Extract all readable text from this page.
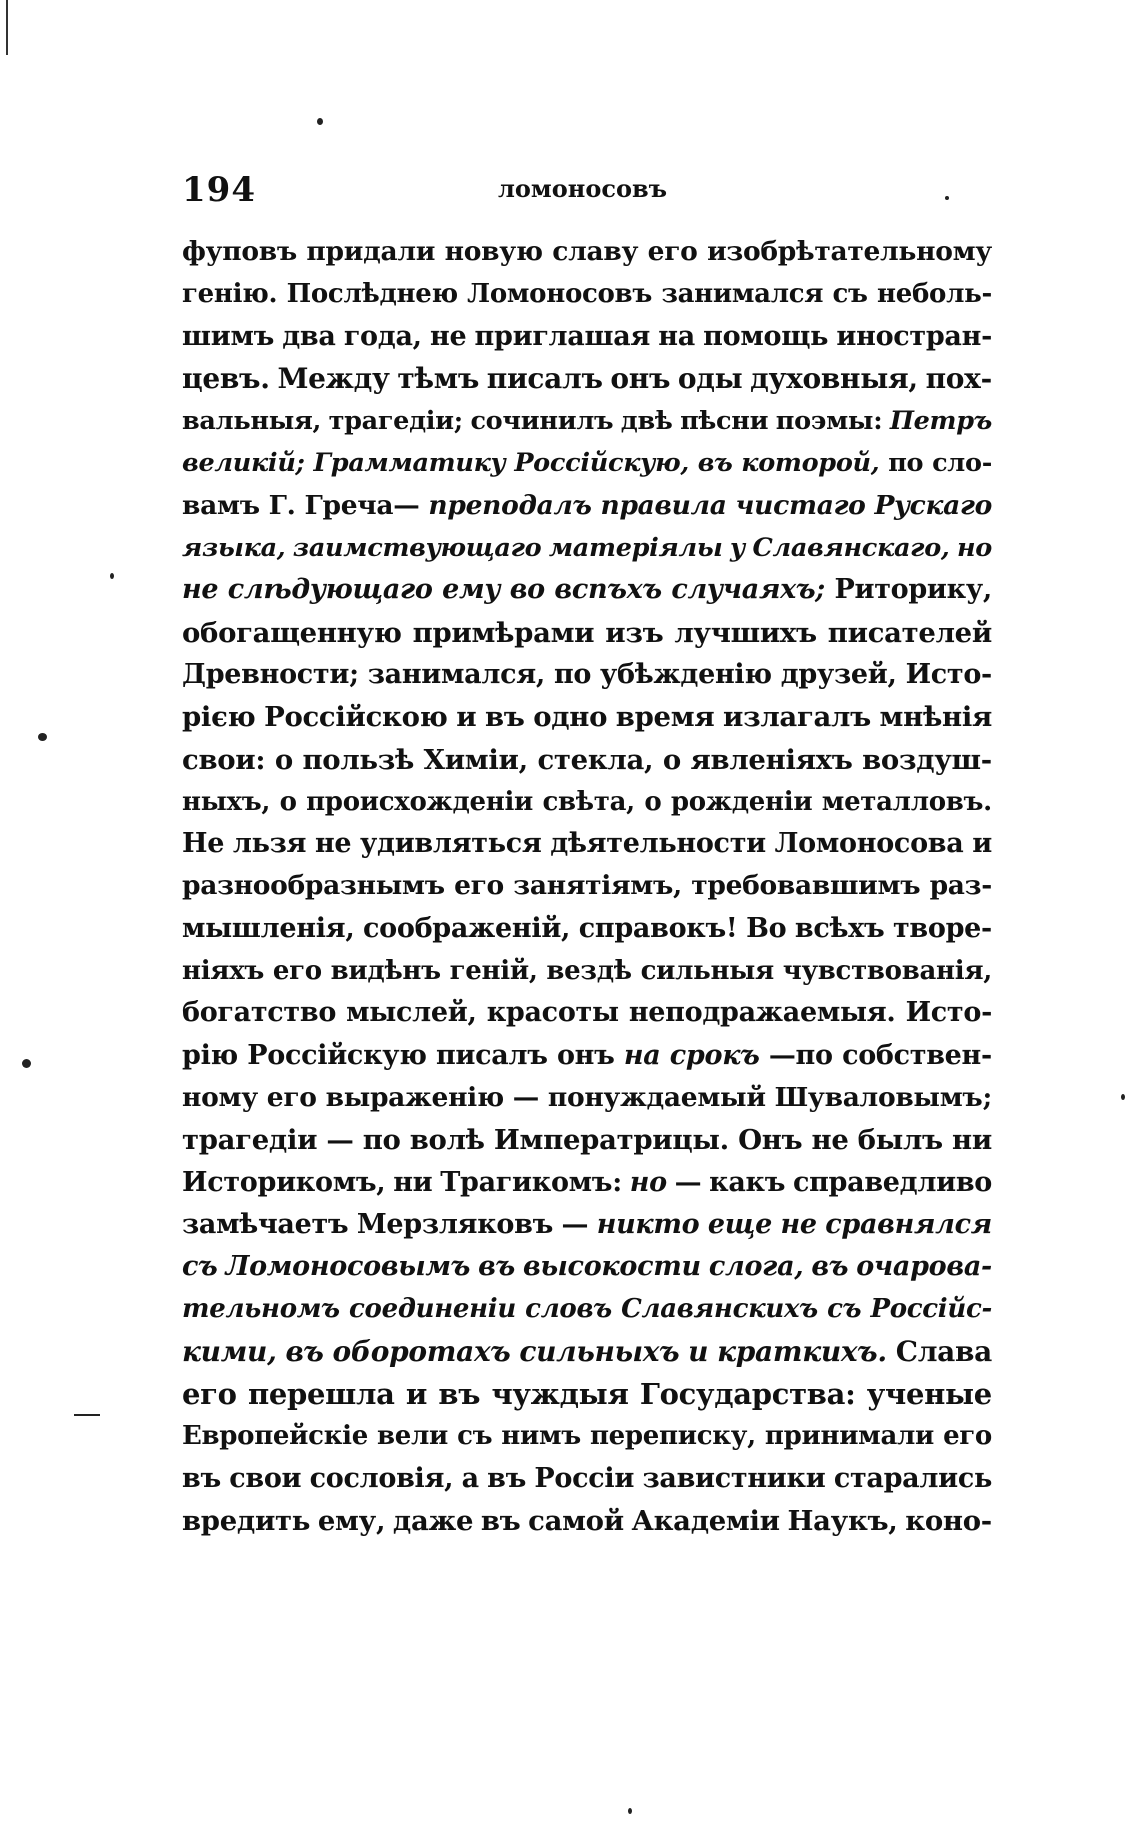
194	ломоносовъ
фуповъ придали новую славу его изобрѣтательному
генію. Послѣднею Ломоносовъ занимался съ неболь-
шимъ два года, не приглашая на помощь иностран-
цевъ. Между тѣмъ писалъ онъ оды духовныя, пох-
вальныя, трагедіи; сочинилъ двѣ пѣсни поэмы: Петръ
великій; Грамматику Россійскую, въ которой, по сло-
вамъ Г. Греча— преподалъ правила чистаго Рускаго
языка, заимствующаго матеріялы у Славянскаго, но
не слѣдующаго ему во вспъхъ случаяхъ; Риторику,
обогащенную примѣрами изъ лучшихъ писателей
Древности; занимался, по убѣжденію друзей, Исто-
рією Россійскою и въ одно время излагалъ мнѣнія
свои: о пользѣ Химіи, стекла, о явленіяхъ воздуш-
ныхъ, о происхожденіи свѣта, о рожденіи металловъ.
Не льзя не удивляться дѣятельности Ломоносова и
разнообразнымъ его занятіямъ, требовавшимъ раз-
мышленія, соображеній, справокъ! Во всѣхъ творе-
ніяхъ его видѣнъ геній, вездѣ сильныя чувствованія,
богатство мыслей, красоты неподражаемыя. Исто-
рію Россійскую писалъ онъ на срокъ —по собствен-
ному его выраженію — понуждаемый Шуваловымъ;
трагедіи — по волѣ Императрицы. Онъ не былъ ни
Историкомъ, ни Трагикомъ: но — какъ справедливо
замѣчаетъ Мерзляковъ — никто еще не сравнялся
съ Ломоносовымъ въ высокости слога, въ очарова-
тельномъ соединеніи словъ Славянскихъ съ Россійс-
кими, въ оборотахъ сильныхъ и краткихъ. Слава
его перешла и въ чуждыя Государства: ученые
Европейскіе вели съ нимъ переписку, принимали его
въ свои сословія, а въ Россіи завистники старались
вредить ему, даже въ самой Академіи Наукъ, коно-
